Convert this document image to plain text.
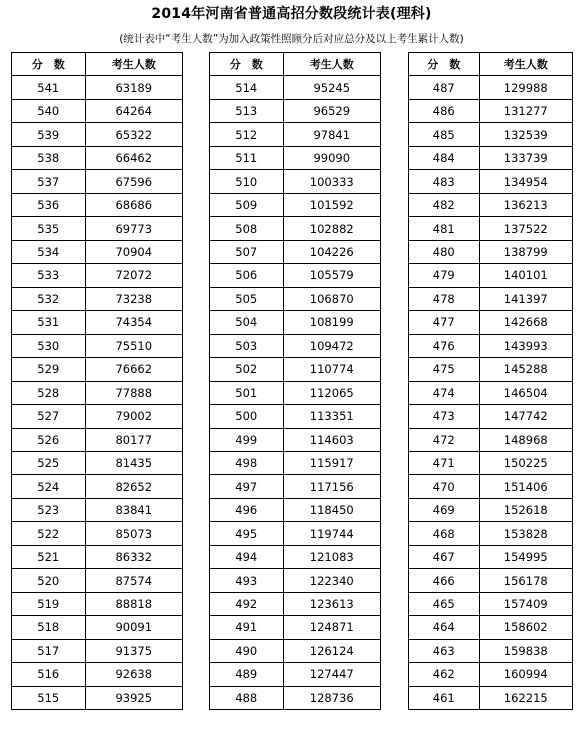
2014年河南省普通高招分数段统计表(理科)
(统计表中“考生人数”为加入政策性照顾分后对应总分及以上考生累计人数)
分　数	考生人数
541	63189
540	64264
539	65322
538	66462
537	67596
536	68686
535	69773
534	70904
533	72072
532	73238
531	74354
530	75510
529	76662
528	77888
527	79002
526	80177
525	81435
524	82652
523	83841
522	85073
521	86332
520	87574
519	88818
518	90091
517	91375
516	92638
515	93925
分　数	考生人数
514	95245
513	96529
512	97841
511	99090
510	100333
509	101592
508	102882
507	104226
506	105579
505	106870
504	108199
503	109472
502	110774
501	112065
500	113351
499	114603
498	115917
497	117156
496	118450
495	119744
494	121083
493	122340
492	123613
491	124871
490	126124
489	127447
488	128736
分　数	考生人数
487	129988
486	131277
485	132539
484	133739
483	134954
482	136213
481	137522
480	138799
479	140101
478	141397
477	142668
476	143993
475	145288
474	146504
473	147742
472	148968
471	150225
470	151406
469	152618
468	153828
467	154995
466	156178
465	157409
464	158602
463	159838
462	160994
461	162215
